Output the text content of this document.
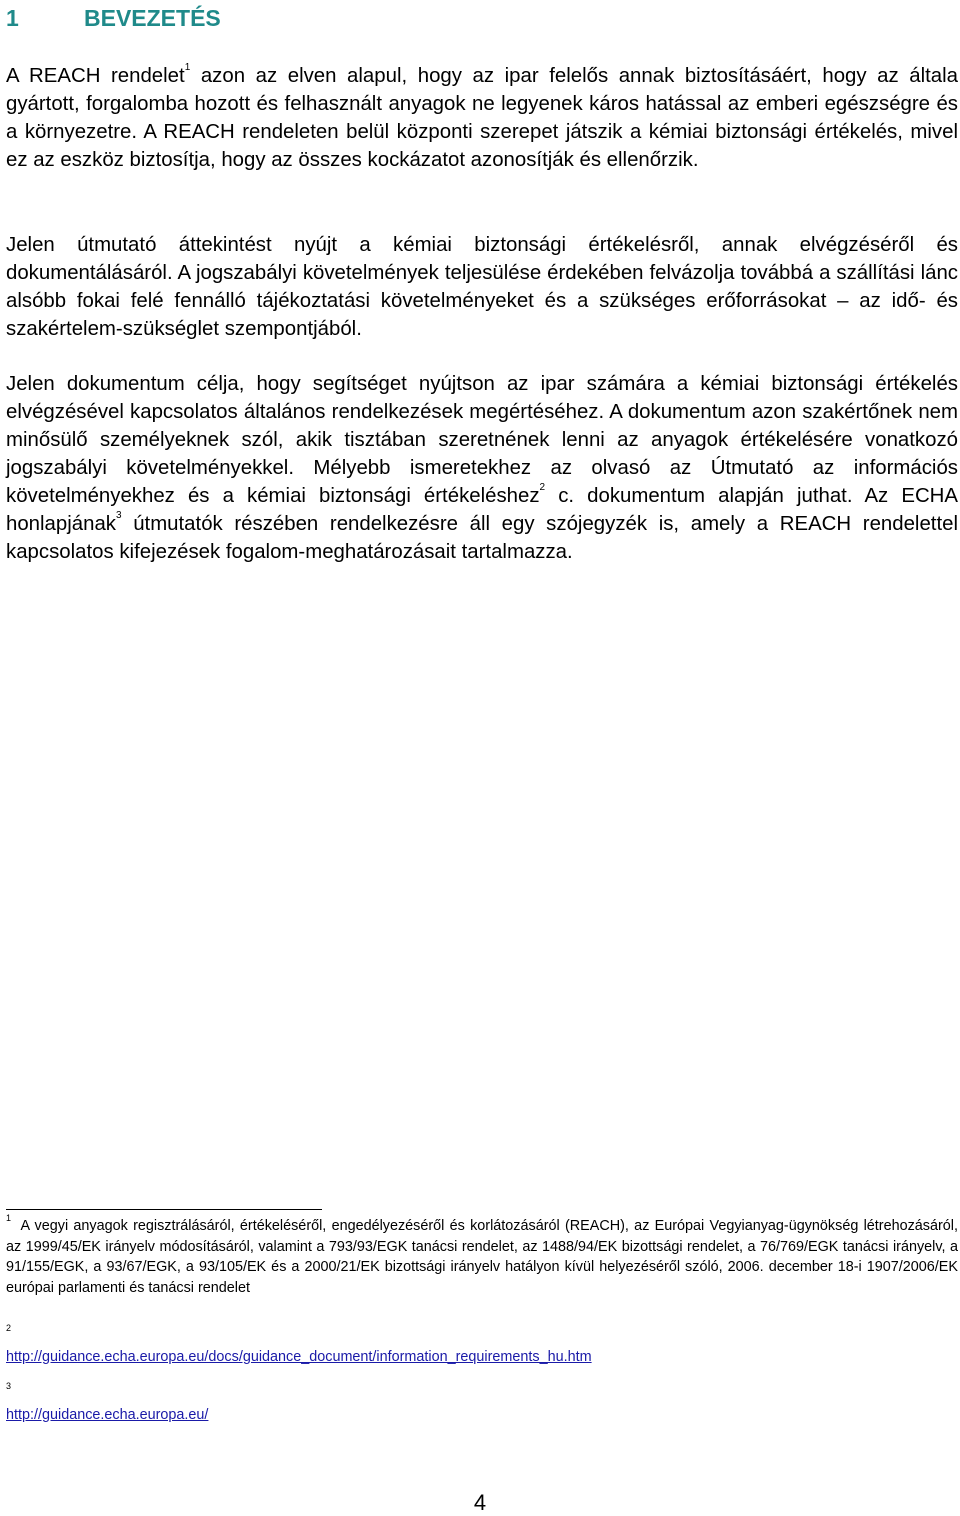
1	BEVEZETÉS

A REACH rendelet$^1$ azon az elven alapul, hogy az ipar felelős annak biztosításáért, hogy az általa gyártott, forgalomba hozott és felhasznált anyagok ne legyenek káros hatással az emberi egészségre és a környezetre. A REACH rendeleten belül központi szerepet játszik a kémiai biztonsági értékelés, mivel ez az eszköz biztosítja, hogy az összes kockázatot azonosítják és ellenőrzik.

Jelen útmutató áttekintést nyújt a kémiai biztonsági értékelésről, annak elvégzéséről és dokumentálásáról. A jogszabályi követelmények teljesülése érdekében felvázolja továbbá a szállítási lánc alsóbb fokai felé fennálló tájékoztatási követelményeket és a szükséges erőforrásokat – az idő- és szakértelem-szükséglet szempontjából.

Jelen dokumentum célja, hogy segítséget nyújtson az ipar számára a kémiai biztonsági értékelés elvégzésével kapcsolatos általános rendelkezések megértéséhez. A dokumentum azon szakértőnek nem minősülő személyeknek szól, akik tisztában szeretnének lenni az anyagok értékelésére vonatkozó jogszabályi követelményekkel. Mélyebb ismeretekhez az olvasó az Útmutató az információs követelményekhez és a kémiai biztonsági értékeléshez$^2$ c. dokumentum alapján juthat. Az ECHA honlapjának$^3$ útmutatók részében rendelkezésre áll egy szójegyzék is, amely a REACH rendelettel kapcsolatos kifejezések fogalom-meghatározásait tartalmazza.

1 A vegyi anyagok regisztrálásáról, értékeléséről, engedélyezéséről és korlátozásáról (REACH), az Európai Vegyianyag-ügynökség létrehozásáról, az 1999/45/EK irányelv módosításáról, valamint a 793/93/EGK tanácsi rendelet, az 1488/94/EK bizottsági rendelet, a 76/769/EGK tanácsi irányelv, a 91/155/EGK, a 93/67/EGK, a 93/105/EK és a 2000/21/EK bizottsági irányelv hatályon kívül helyezéséről szóló, 2006. december 18-i 1907/2006/EK európai parlamenti és tanácsi rendelet

2
http://guidance.echa.europa.eu/docs/guidance_document/information_requirements_hu.htm

3
http://guidance.echa.europa.eu/

4
